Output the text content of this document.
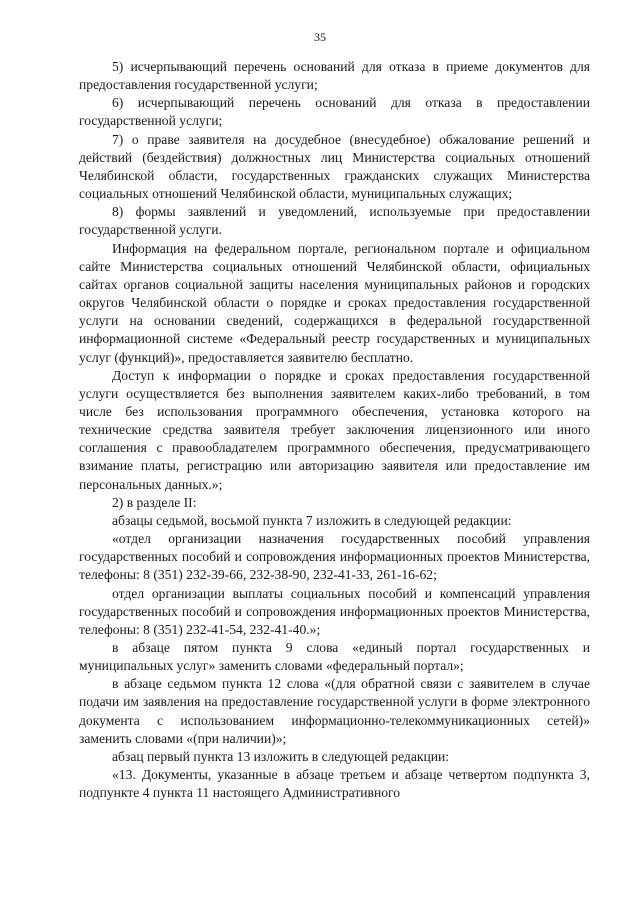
35

5) исчерпывающий перечень оснований для отказа в приеме документов для предоставления государственной услуги;

6) исчерпывающий перечень оснований для отказа в предоставлении государственной услуги;

7) о праве заявителя на досудебное (внесудебное) обжалование решений и действий (бездействия) должностных лиц Министерства социальных отношений Челябинской области, государственных гражданских служащих Министерства социальных отношений Челябинской области, муниципальных служащих;

8) формы заявлений и уведомлений, используемые при предоставлении государственной услуги.

Информация на федеральном портале, региональном портале и официальном сайте Министерства социальных отношений Челябинской области, официальных сайтах органов социальной защиты населения муниципальных районов и городских округов Челябинской области о порядке и сроках предоставления государственной услуги на основании сведений, содержащихся в федеральной государственной информационной системе «Федеральный реестр государственных и муниципальных услуг (функций)», предоставляется заявителю бесплатно.

Доступ к информации о порядке и сроках предоставления государственной услуги осуществляется без выполнения заявителем каких-либо требований, в том числе без использования программного обеспечения, установка которого на технические средства заявителя требует заключения лицензионного или иного соглашения с правообладателем программного обеспечения, предусматривающего взимание платы, регистрацию или авторизацию заявителя или предоставление им персональных данных.»;

2) в разделе II:

абзацы седьмой, восьмой пункта 7 изложить в следующей редакции:

«отдел организации назначения государственных пособий управления государственных пособий и сопровождения информационных проектов Министерства, телефоны: 8 (351) 232-39-66, 232-38-90, 232-41-33, 261-16-62;

отдел организации выплаты социальных пособий и компенсаций управления государственных пособий и сопровождения информационных проектов Министерства, телефоны: 8 (351) 232-41-54, 232-41-40.»;

в абзаце пятом пункта 9 слова «единый портал государственных и муниципальных услуг» заменить словами «федеральный портал»;

в абзаце седьмом пункта 12 слова «(для обратной связи с заявителем в случае подачи им заявления на предоставление государственной услуги в форме электронного документа с использованием информационно-телекоммуникационных сетей)» заменить словами «(при наличии)»;

абзац первый пункта 13 изложить в следующей редакции:

«13. Документы, указанные в абзаце третьем и абзаце четвертом подпункта 3, подпункте 4 пункта 11 настоящего Административного
